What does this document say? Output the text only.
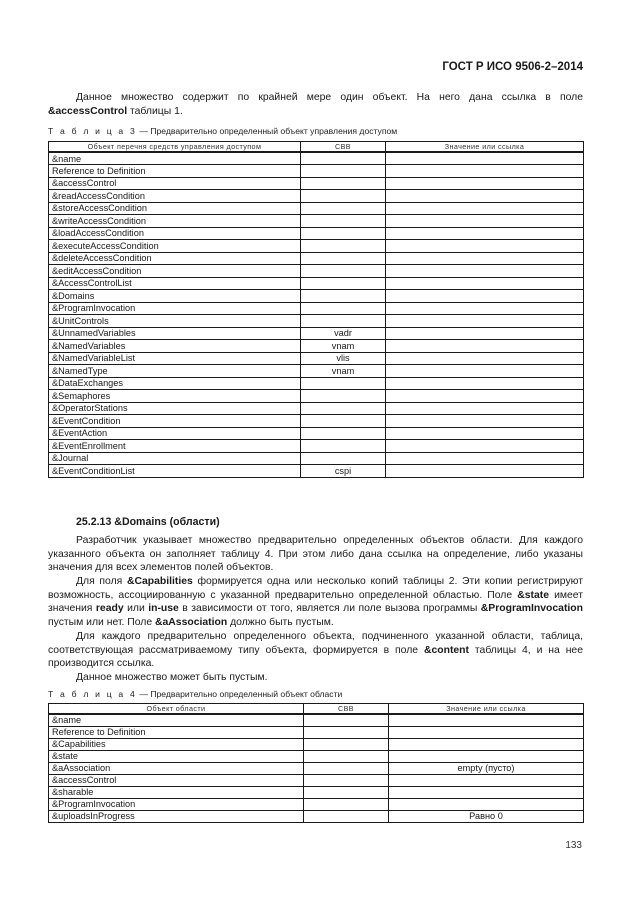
ГОСТ Р ИСО 9506-2–2014
Данное множество содержит по крайней мере один объект. На него дана ссылка в поле &accessControl таблицы 1.
Т а б л и ц а 3 — Предварительно определенный объект управления доступом
Объект перечня средств управления доступом	СВВ	Значение или ссылка
&name		
Reference to Definition		
&accessControl		
&readAccessCondition		
&storeAccessCondition		
&writeAccessCondition		
&loadAccessCondition		
&executeAccessCondition		
&deleteAccessCondition		
&editAccessCondition		
&AccessControlList		
&Domains		
&ProgramInvocation		
&UnitControls		
&UnnamedVariables	vadr	
&NamedVariables	vnam	
&NamedVariableList	vlis	
&NamedType	vnam	
&DataExchanges		
&Semaphores		
&OperatorStations		
&EventCondition		
&EventAction		
&EventEnrollment		
&Journal		
&EventConditionList	cspi	
25.2.13 &Domains (области)
Разработчик указывает множество предварительно определенных объектов области. Для каждого указанного объекта он заполняет таблицу 4. При этом либо дана ссылка на определение, либо указаны значения для всех элементов полей объектов.
Для поля &Capabilities формируется одна или несколько копий таблицы 2. Эти копии регистрируют возможность, ассоциированную с указанной предварительно определенной областью. Поле &state имеет значения ready или in-use в зависимости от того, является ли поле вызова программы &ProgramInvocation пустым или нет. Поле &aAssociation должно быть пустым.
Для каждого предварительно определенного объекта, подчиненного указанной области, таблица, соответствующая рассматриваемому типу объекта, формируется в поле &content таблицы 4, и на нее производится ссылка.
Данное множество может быть пустым.
Т а б л и ц а 4 — Предварительно определенный объект области
Объект области	СВВ	Значение или ссылка
&name		
Reference to Definition		
&Capabilities		
&state		
&aAssociation		empty (пусто)
&accessControl		
&sharable		
&ProgramInvocation		
&uploadsInProgress		Равно 0
133
